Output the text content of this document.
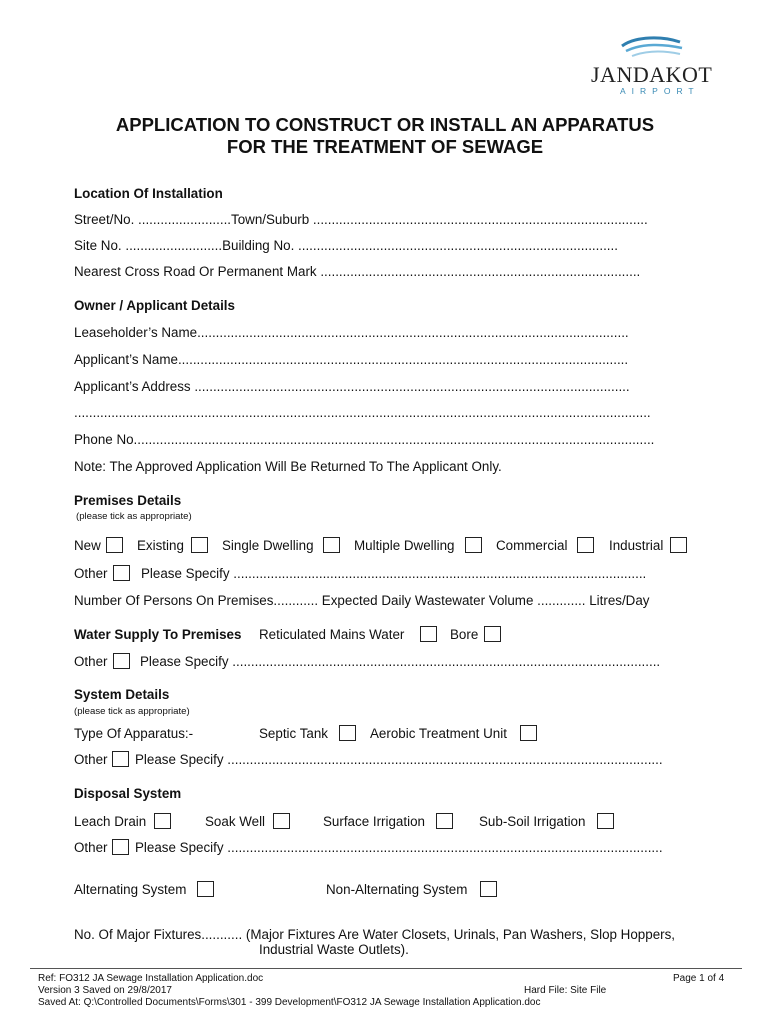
JANDAKOT
AIRPORT
APPLICATION TO CONSTRUCT OR INSTALL AN APPARATUS
FOR THE TREATMENT OF SEWAGE
Location Of Installation
Street/No. .........................Town/Suburb ..........................................................................................
Site No. ..........................Building No. ......................................................................................
Nearest Cross Road Or Permanent Mark ......................................................................................
Owner / Applicant Details
Leaseholder’s Name....................................................................................................................
Applicant’s Name.........................................................................................................................
Applicant’s Address .....................................................................................................................
...........................................................................................................................................................
Phone No............................................................................................................................................
Note: The Approved Application Will Be Returned To The Applicant Only.
Premises Details
(please tick as appropriate)
New	Existing	Single Dwelling	Multiple Dwelling	Commercial	Industrial
Other	Please Specify ...............................................................................................................
Number Of Persons On Premises............ Expected Daily Wastewater Volume ............. Litres/Day
Water Supply To Premises Reticulated Mains Water	Bore
Other Please Specify ...................................................................................................................
System Details
(please tick as appropriate)
Type Of Apparatus:-	Septic Tank	Aerobic Treatment Unit
Other Please Specify .....................................................................................................................
Disposal System
Leach Drain	Soak Well	Surface Irrigation	Sub-Soil Irrigation
Other Please Specify .....................................................................................................................
Alternating System	Non-Alternating System
No. Of Major Fixtures........... (Major Fixtures Are Water Closets, Urinals, Pan Washers, Slop Hoppers,
Industrial Waste Outlets).
Ref: FO312 JA Sewage Installation Application.doc
Version 3 Saved on 29/8/2017
Saved At: Q:\Controlled Documents\Forms\301 - 399 Development\FO312 JA Sewage Installation Application.doc
Hard File: Site File
Page 1 of 4
